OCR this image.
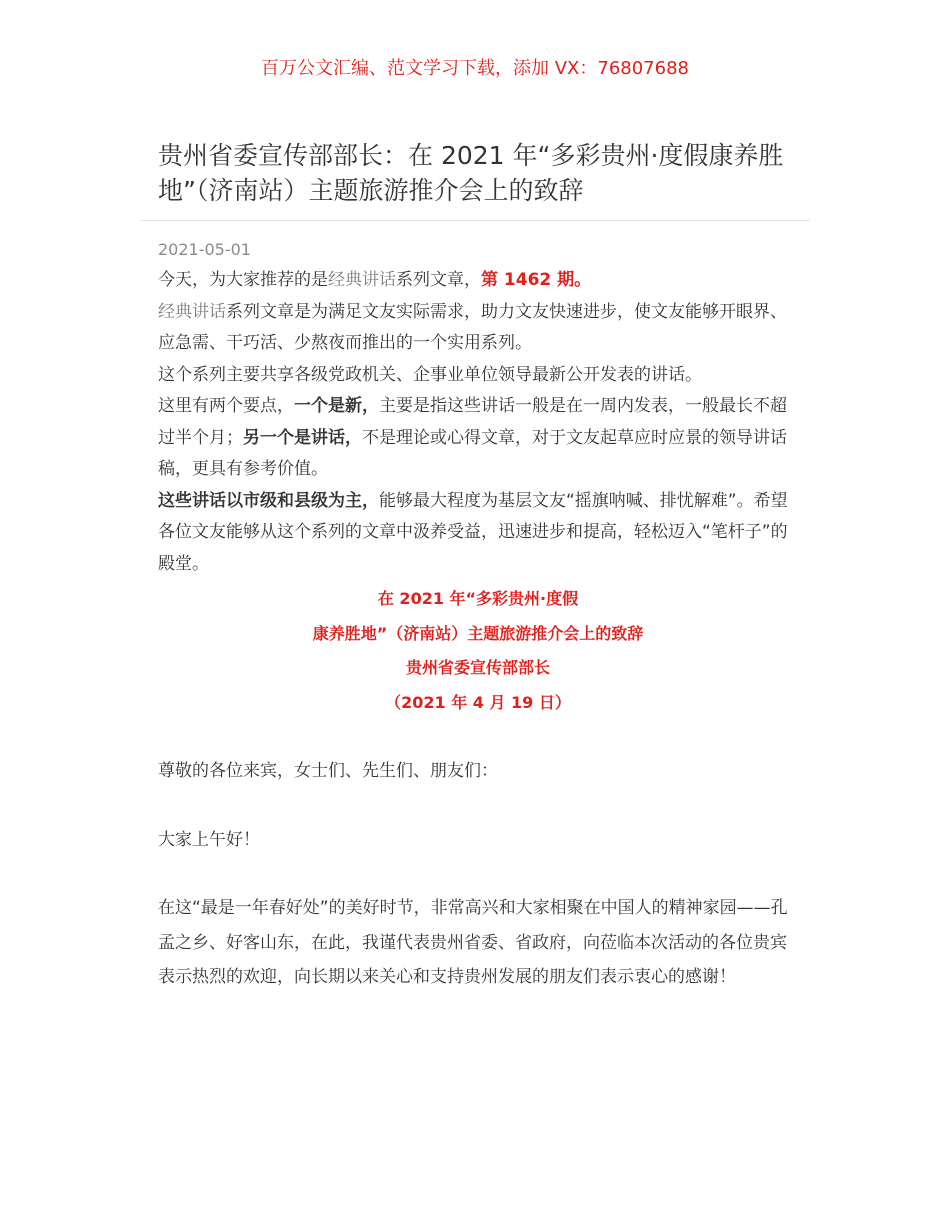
百万公文汇编、范文学习下载，添加 VX：76807688
贵州省委宣传部部长：在 2021 年“多彩贵州·度假康养胜地”（济南站）主题旅游推介会上的致辞
2021-05-01

今天，为大家推荐的是经典讲话系列文章，第 1462 期。

经典讲话系列文章是为满足文友实际需求，助力文友快速进步，使文友能够开眼界、应急需、干巧活、少熬夜而推出的一个实用系列。

这个系列主要共享各级党政机关、企事业单位领导最新公开发表的讲话。

这里有两个要点，一个是新，主要是指这些讲话一般是在一周内发表，一般最长不超过半个月；另一个是讲话，不是理论或心得文章，对于文友起草应时应景的领导讲话稿，更具有参考价值。

这些讲话以市级和县级为主，能够最大程度为基层文友“摇旗呐喊、排忧解难”。希望各位文友能够从这个系列的文章中汲养受益，迅速进步和提高，轻松迈入“笔杆子”的殿堂。

在 2021 年“多彩贵州·度假
康养胜地”（济南站）主题旅游推介会上的致辞
贵州省委宣传部部长
（2021 年 4 月 19 日）

尊敬的各位来宾，女士们、先生们、朋友们：

大家上午好！

在这“最是一年春好处”的美好时节，非常高兴和大家相聚在中国人的精神家园——孔孟之乡、好客山东，在此，我谨代表贵州省委、省政府，向莅临本次活动的各位贵宾表示热烈的欢迎，向长期以来关心和支持贵州发展的朋友们表示衷心的感谢！
